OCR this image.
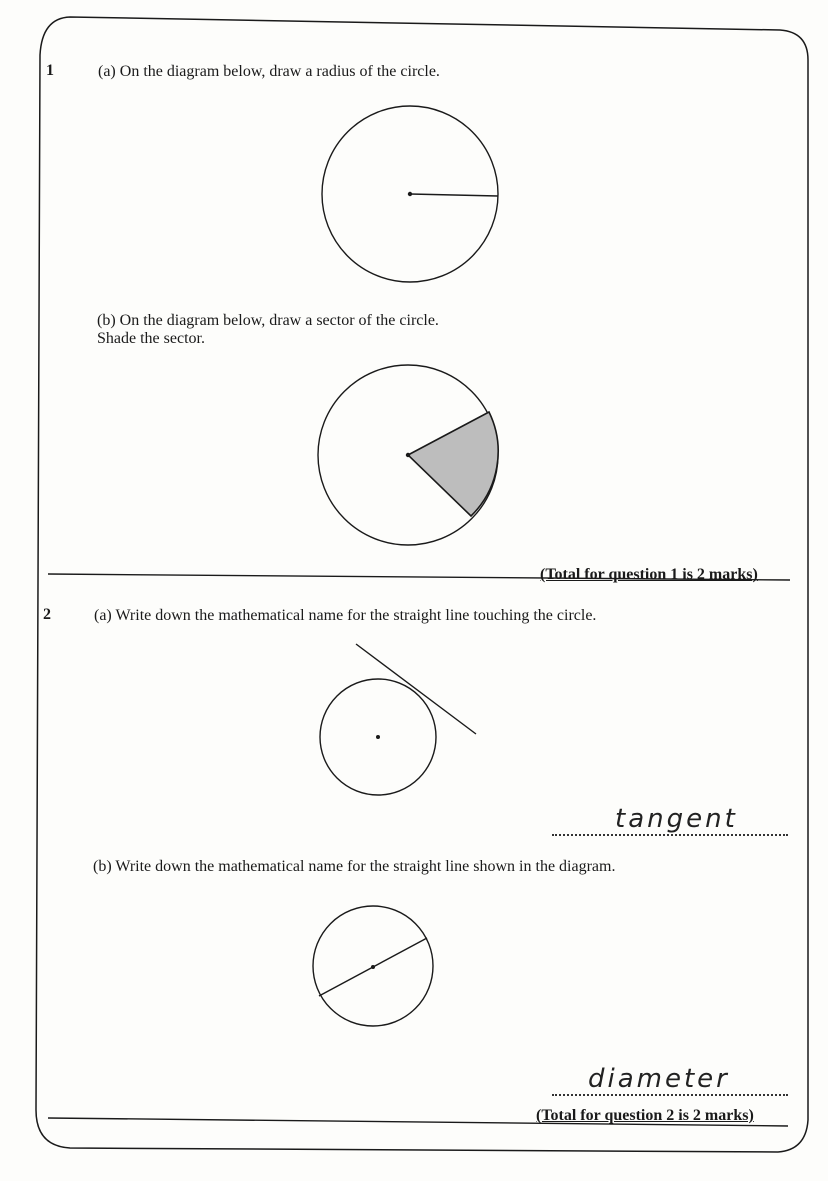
1	(a) On the diagram below, draw a radius of the circle.
(b) On the diagram below, draw a sector of the circle.
Shade the sector.
(Total for question 1 is 2 marks)
2	(a) Write down the mathematical name for the straight line touching the circle.
tangent
(b) Write down the mathematical name for the straight line shown in the diagram.
diameter
(Total for question 2 is 2 marks)
